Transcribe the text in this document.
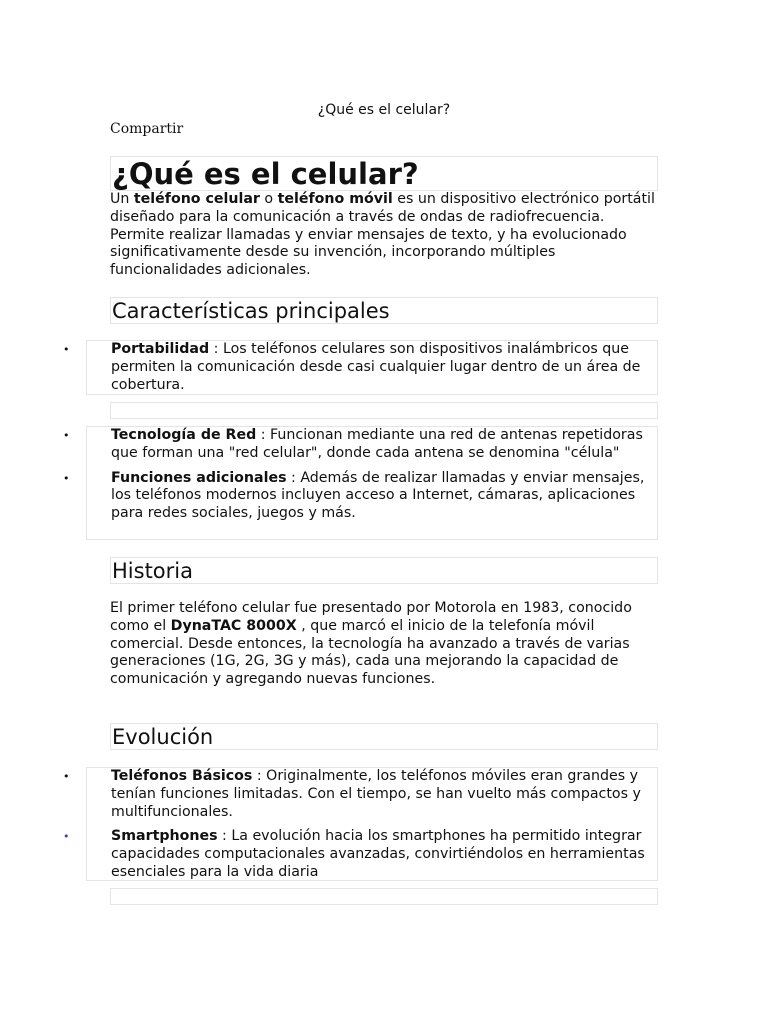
¿Qué es el celular?
Compartir
¿Qué es el celular?

Un teléfono celular o teléfono móvil es un dispositivo electrónico portátil diseñado para la comunicación a través de ondas de radiofrecuencia. Permite realizar llamadas y enviar mensajes de texto, y ha evolucionado significativamente desde su invención, incorporando múltiples funcionalidades adicionales.

Características principales
•	Portabilidad : Los teléfonos celulares son dispositivos inalámbricos que permiten la comunicación desde casi cualquier lugar dentro de un área de cobertura.

•	Tecnología de Red : Funcionan mediante una red de antenas repetidoras que forman una "red celular", donde cada antena se denomina "célula"

•	Funciones adicionales : Además de realizar llamadas y enviar mensajes, los teléfonos modernos incluyen acceso a Internet, cámaras, aplicaciones para redes sociales, juegos y más.

Historia

El primer teléfono celular fue presentado por Motorola en 1983, conocido como el DynaTAC 8000X , que marcó el inicio de la telefonía móvil comercial. Desde entonces, la tecnología ha avanzado a través de varias generaciones (1G, 2G, 3G y más), cada una mejorando la capacidad de comunicación y agregando nuevas funciones.

Evolución
•	Teléfonos Básicos : Originalmente, los teléfonos móviles eran grandes y tenían funciones limitadas. Con el tiempo, se han vuelto más compactos y multifuncionales.

•	Smartphones : La evolución hacia los smartphones ha permitido integrar capacidades computacionales avanzadas, convirtiéndolos en herramientas esenciales para la vida diaria
